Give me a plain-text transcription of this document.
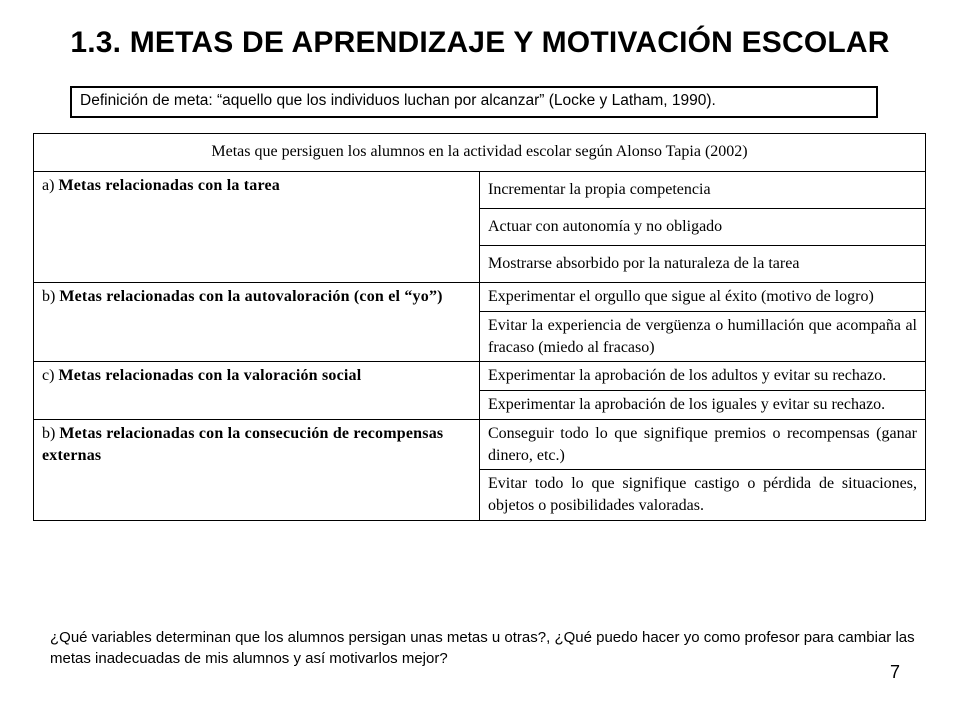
1.3. METAS DE APRENDIZAJE Y MOTIVACIÓN ESCOLAR
Definición de meta: “aquello que los individuos luchan por alcanzar” (Locke y Latham, 1990).
Metas que persiguen los alumnos en la actividad escolar según Alonso Tapia (2002)	
a) Metas relacionadas con la tarea	Incrementar la propia competencia
	Actuar con autonomía y no obligado
	Mostrarse absorbido por la naturaleza de la tarea
b) Metas relacionadas con la autovaloración (con el “yo”)	Experimentar el orgullo que sigue al éxito (motivo de logro)
	Evitar la experiencia de vergüenza o humillación que acompaña al fracaso (miedo al fracaso)
c) Metas relacionadas con la valoración social	Experimentar la aprobación de los adultos y evitar su rechazo.
	Experimentar la aprobación de los iguales y evitar su rechazo.
b) Metas relacionadas con la consecución de recompensas externas	Conseguir todo lo que signifique premios o recompensas (ganar dinero, etc.)
	Evitar todo lo que signifique castigo o pérdida de situaciones, objetos o posibilidades valoradas.
¿Qué variables determinan que los alumnos persigan unas metas u otras?, ¿Qué puedo hacer yo como profesor para cambiar las metas inadecuadas de mis alumnos y así motivarlos mejor?
7
